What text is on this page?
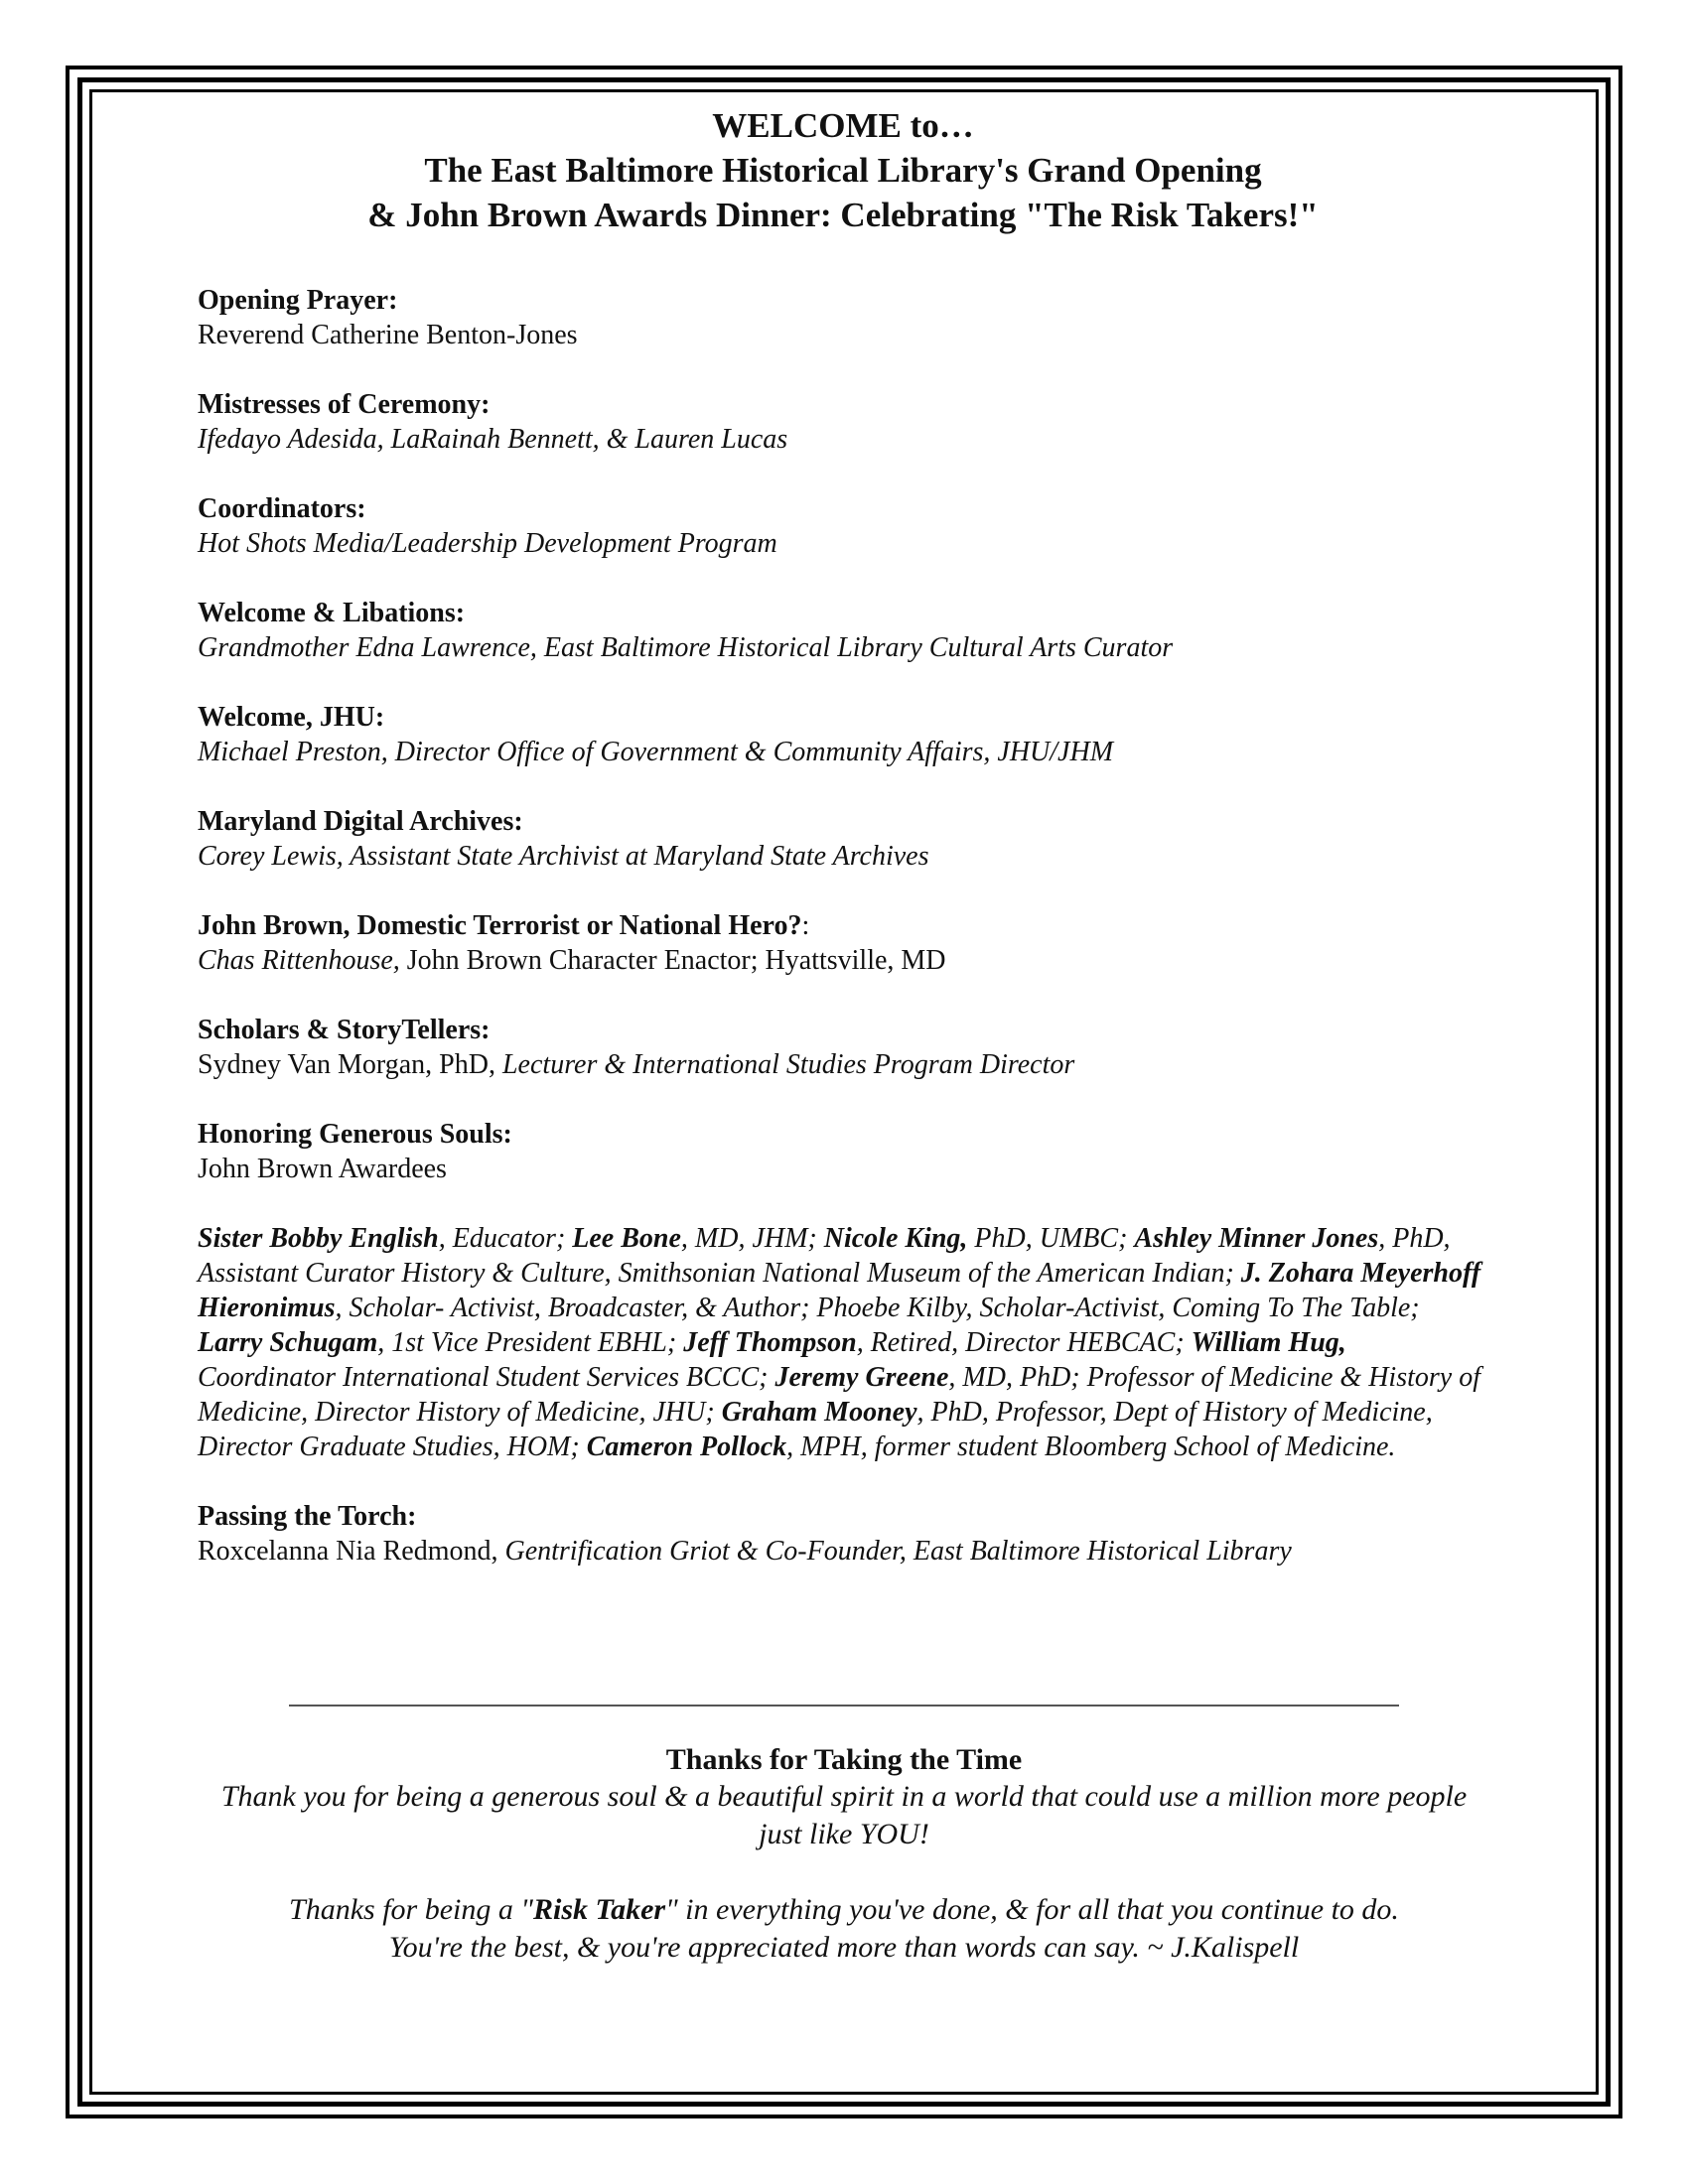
WELCOME to…
The East Baltimore Historical Library's Grand Opening
& John Brown Awards Dinner: Celebrating "The Risk Takers!"
Opening Prayer:
Reverend Catherine Benton-Jones
Mistresses of Ceremony:
Ifedayo Adesida, LaRainah Bennett, & Lauren Lucas
Coordinators:
Hot Shots Media/Leadership Development Program
Welcome & Libations:
Grandmother Edna Lawrence, East Baltimore Historical Library Cultural Arts Curator
Welcome, JHU:
Michael Preston, Director Office of Government & Community Affairs, JHU/JHM
Maryland Digital Archives:
Corey Lewis, Assistant State Archivist at Maryland State Archives
John Brown, Domestic Terrorist or National Hero?:
Chas Rittenhouse, John Brown Character Enactor; Hyattsville, MD
Scholars & StoryTellers:
Sydney Van Morgan, PhD, Lecturer & International Studies Program Director
Honoring Generous Souls:
John Brown Awardees
Sister Bobby English, Educator; Lee Bone, MD, JHM; Nicole King, PhD, UMBC; Ashley Minner Jones, PhD, Assistant Curator History & Culture, Smithsonian National Museum of the American Indian; J. Zohara Meyerhoff Hieronimus, Scholar- Activist, Broadcaster, & Author; Phoebe Kilby, Scholar-Activist, Coming To The Table; Larry Schugam, 1st Vice President EBHL; Jeff Thompson, Retired, Director HEBCAC; William Hug, Coordinator International Student Services BCCC; Jeremy Greene, MD, PhD; Professor of Medicine & History of Medicine, Director History of Medicine, JHU; Graham Mooney, PhD, Professor, Dept of History of Medicine, Director Graduate Studies, HOM; Cameron Pollock, MPH, former student Bloomberg School of Medicine.
Passing the Torch:
Roxcelanna Nia Redmond, Gentrification Griot & Co-Founder, East Baltimore Historical Library
Thanks for Taking the Time
Thank you for being a generous soul & a beautiful spirit in a world that could use a million more people just like YOU!
Thanks for being a "Risk Taker" in everything you've done, & for all that you continue to do.
You're the best, & you're appreciated more than words can say. ~ J.Kalispell
